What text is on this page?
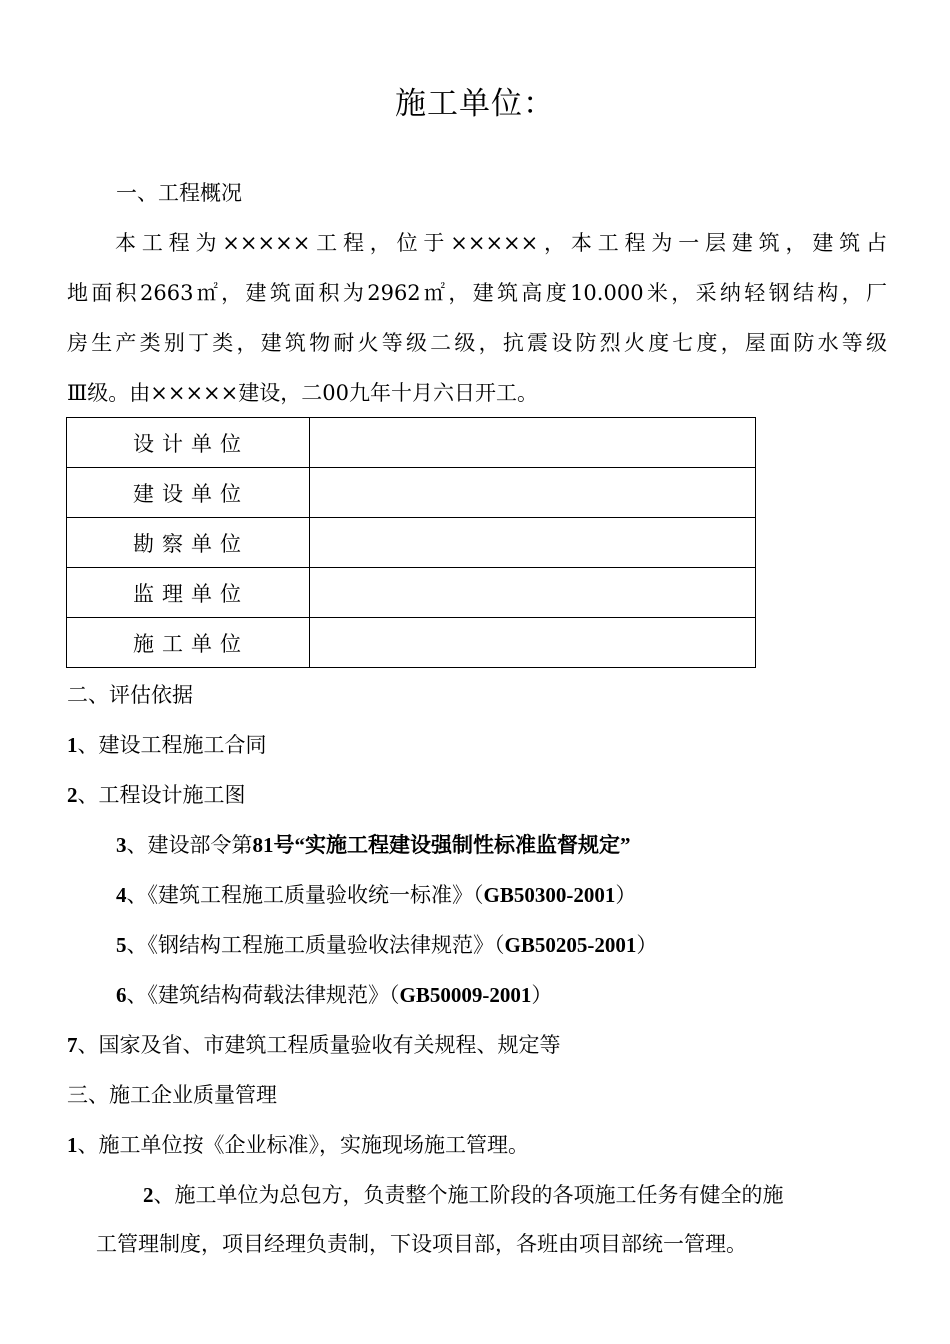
施工单位：
一、工程概况

本工程为×××××工程，位于×××××，本工程为一层建筑，建筑占

地面积2663㎡，建筑面积为2962㎡，建筑高度10.000米，采纳轻钢结构，厂

房生产类别丁类，建筑物耐火等级二级，抗震设防烈火度七度，屋面防水等级

Ⅲ级。由×××××建设，二00九年十月六日开工。

设计单位	
建设单位	
勘察单位	
监理单位	
施工单位	
二、评估依据
1、建设工程施工合同
2、工程设计施工图
3、建设部令第81号“实施工程建设强制性标准监督规定”
4、《建筑工程施工质量验收统一标准》（GB50300-2001）
5、《钢结构工程施工质量验收法律规范》（GB50205-2001）
6、《建筑结构荷载法律规范》（GB50009-2001）
7、国家及省、市建筑工程质量验收有关规程、规定等
三、施工企业质量管理
1、施工单位按《企业标准》，实施现场施工管理。
2、施工单位为总包方，负责整个施工阶段的各项施工任务有健全的施
工管理制度，项目经理负责制，下设项目部，各班由项目部统一管理。
